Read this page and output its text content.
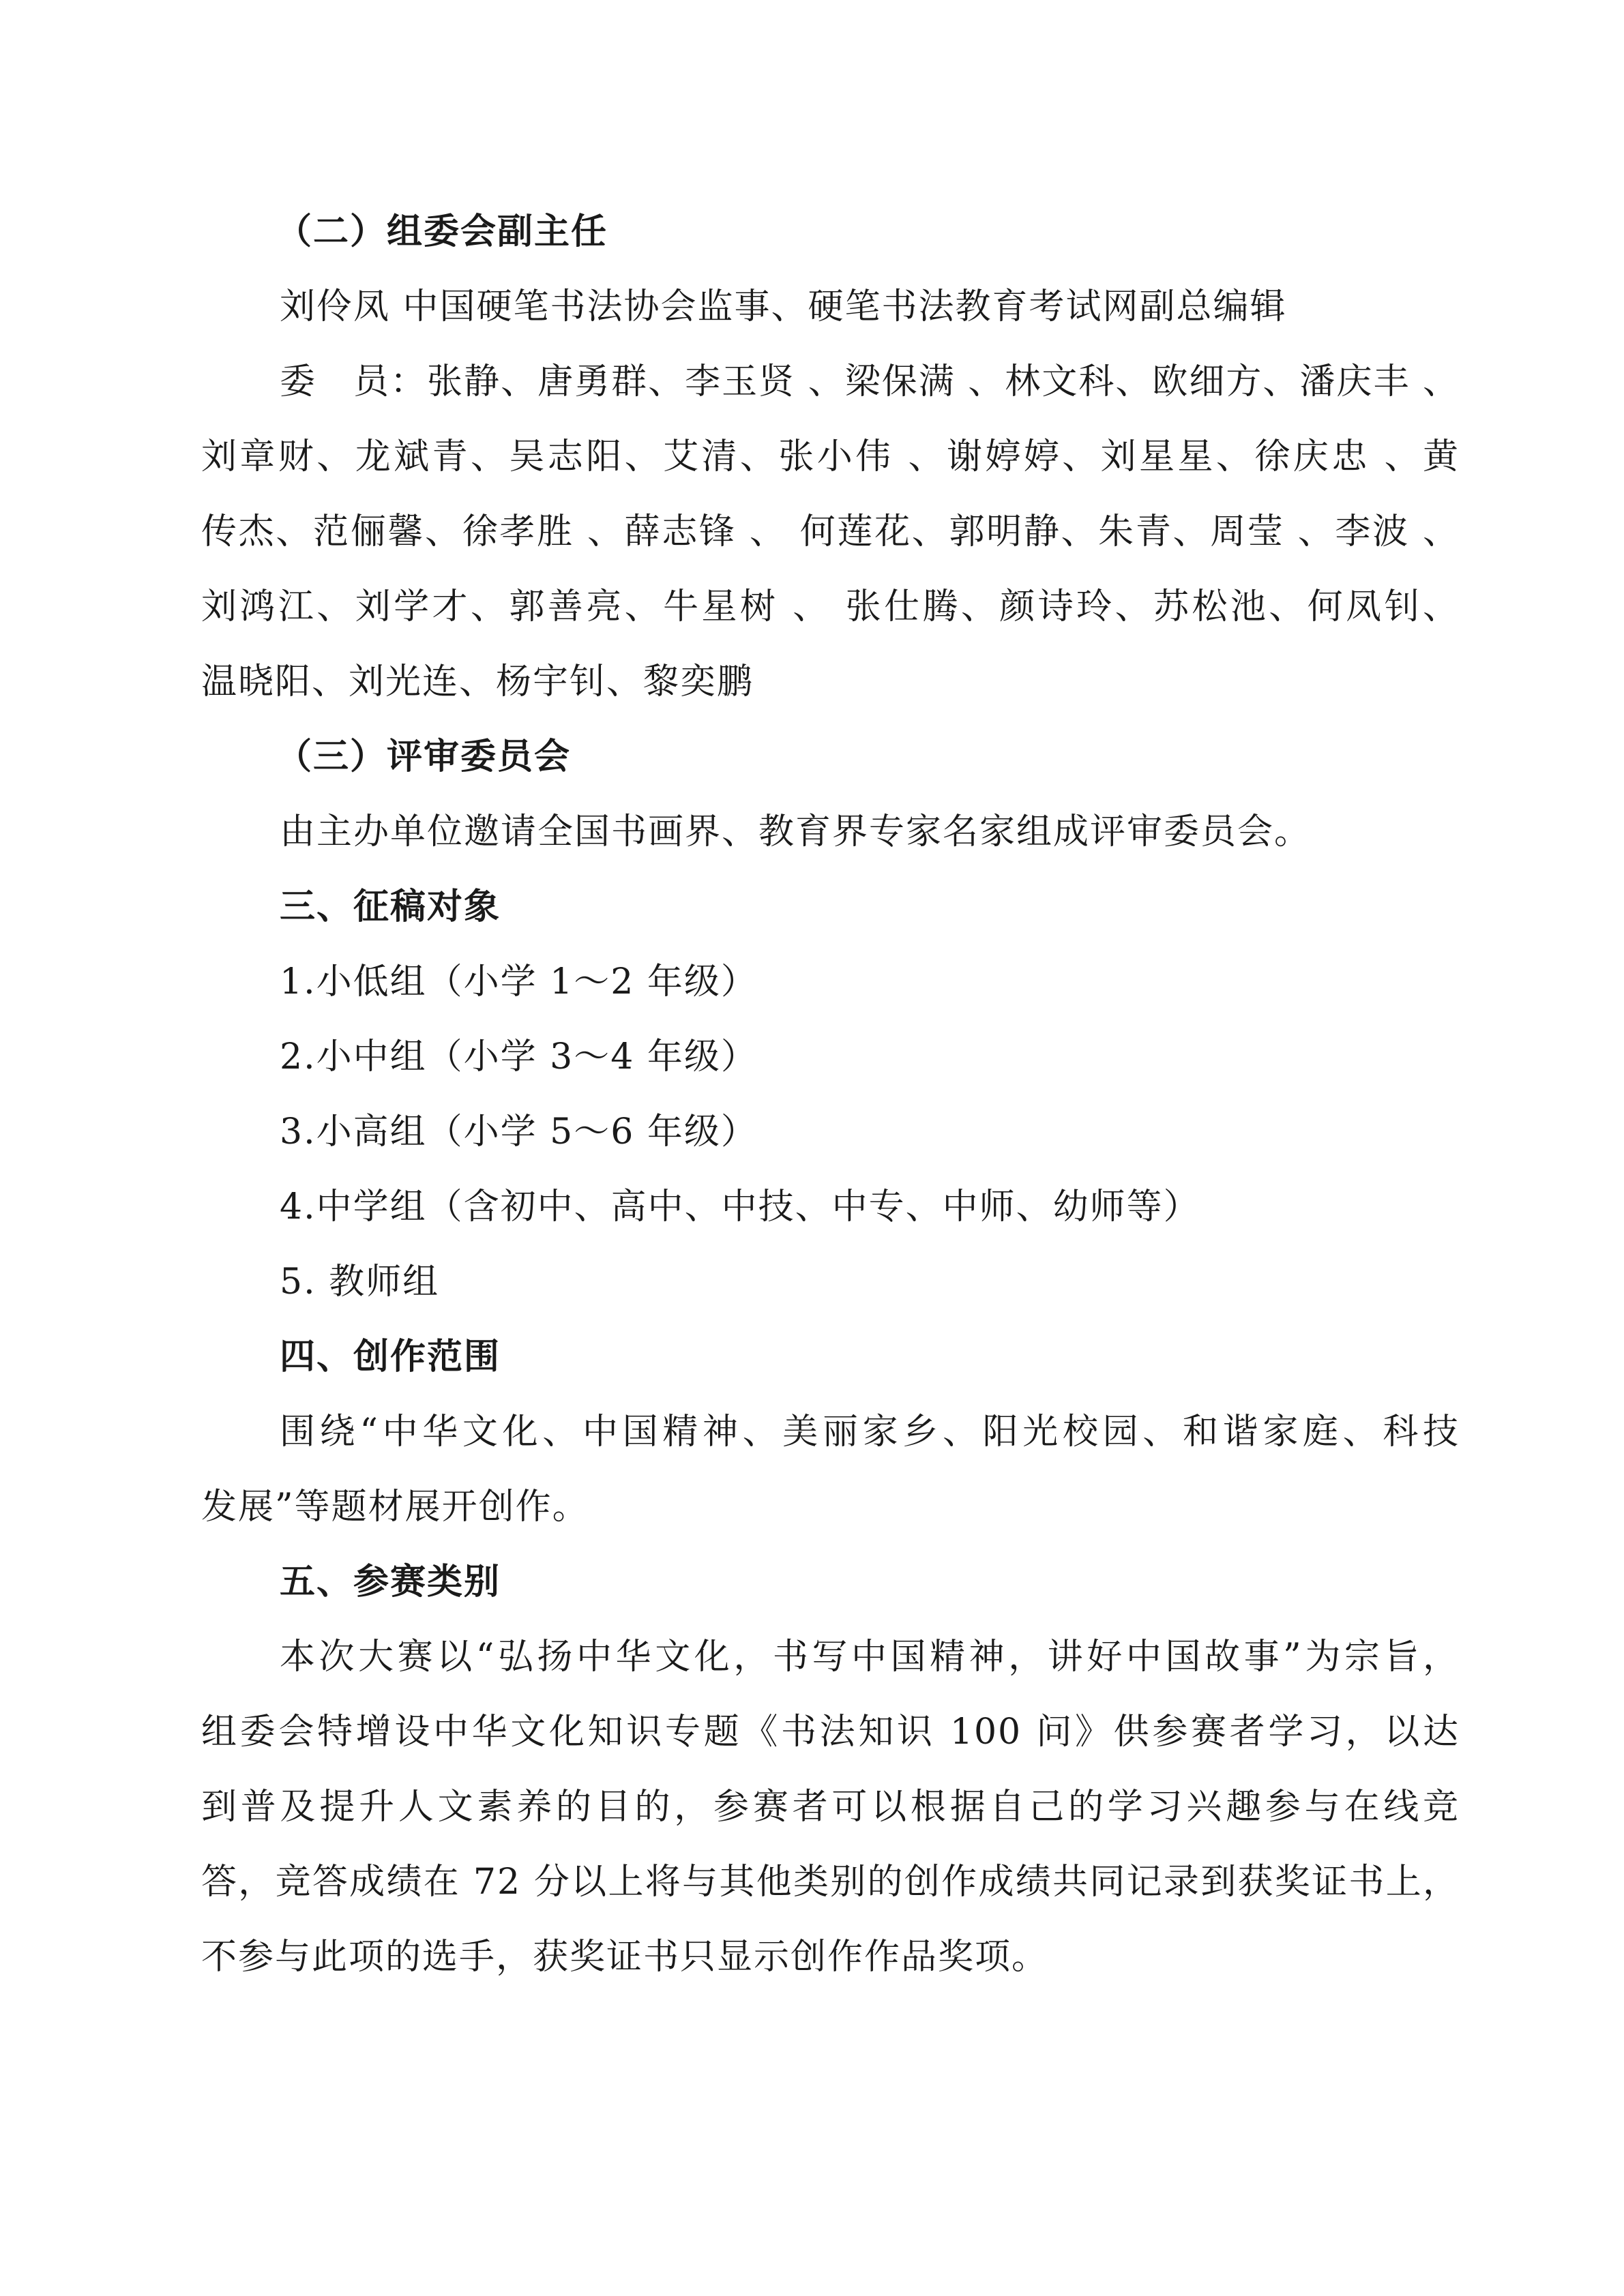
（二）组委会副主任
刘伶凤 中国硬笔书法协会监事、硬笔书法教育考试网副总编辑
委　员：张静、唐勇群、李玉贤 、梁保满 、林文科、欧细方、潘庆丰 、
刘章财、龙斌青、吴志阳、艾清、张小伟 、谢婷婷、刘星星、徐庆忠 、黄
传杰、范俪馨、徐孝胜 、薛志锋 、 何莲花、郭明静、朱青、周莹 、李波 、
刘鸿江、刘学才、郭善亮、牛星树 、 张仕腾、颜诗玲、苏松池、何凤钊、
温晓阳、刘光连、杨宇钊、黎奕鹏
（三）评审委员会
由主办单位邀请全国书画界、教育界专家名家组成评审委员会。
三、征稿对象
1.小低组（小学 1～2 年级）
2.小中组（小学 3～4 年级）
3.小高组（小学 5～6 年级）
4.中学组（含初中、高中、中技、中专、中师、幼师等）
5. 教师组
四、创作范围
围绕“中华文化、中国精神、美丽家乡、阳光校园、和谐家庭、科技
发展”等题材展开创作。
五、参赛类别
本次大赛以“弘扬中华文化，书写中国精神，讲好中国故事”为宗旨，
组委会特增设中华文化知识专题《书法知识 100 问》供参赛者学习，以达
到普及提升人文素养的目的，参赛者可以根据自己的学习兴趣参与在线竞
答，竞答成绩在 72 分以上将与其他类别的创作成绩共同记录到获奖证书上，
不参与此项的选手，获奖证书只显示创作作品奖项。
